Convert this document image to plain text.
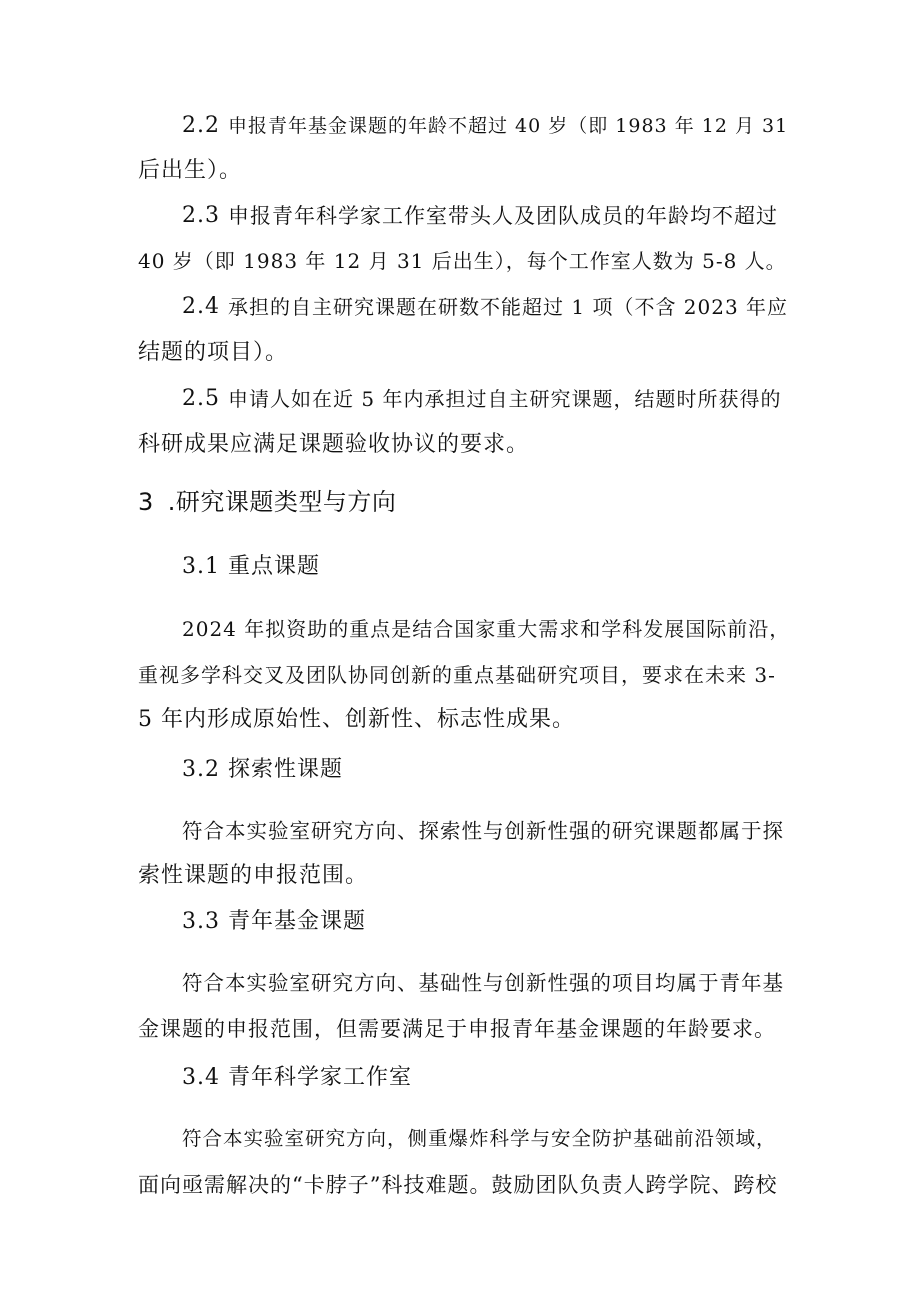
2.2 申报青年基金课题的年龄不超过 40 岁（即 1983 年 12 月 31
后出生）。
2.3 申报青年科学家工作室带头人及团队成员的年龄均不超过
40 岁（即 1983 年 12 月 31 后出生），每个工作室人数为 5-8 人。
2.4 承担的自主研究课题在研数不能超过 1 项（不含 2023 年应
结题的项目）。
2.5 申请人如在近 5 年内承担过自主研究课题，结题时所获得的
科研成果应满足课题验收协议的要求。
3 .研究课题类型与方向
3.1 重点课题
2024 年拟资助的重点是结合国家重大需求和学科发展国际前沿，
重视多学科交叉及团队协同创新的重点基础研究项目，要求在未来 3-
5 年内形成原始性、创新性、标志性成果。
3.2 探索性课题
符合本实验室研究方向、探索性与创新性强的研究课题都属于探
索性课题的申报范围。
3.3 青年基金课题
符合本实验室研究方向、基础性与创新性强的项目均属于青年基
金课题的申报范围，但需要满足于申报青年基金课题的年龄要求。
3.4 青年科学家工作室
符合本实验室研究方向，侧重爆炸科学与安全防护基础前沿领域，
面向亟需解决的“卡脖子”科技难题。鼓励团队负责人跨学院、跨校
